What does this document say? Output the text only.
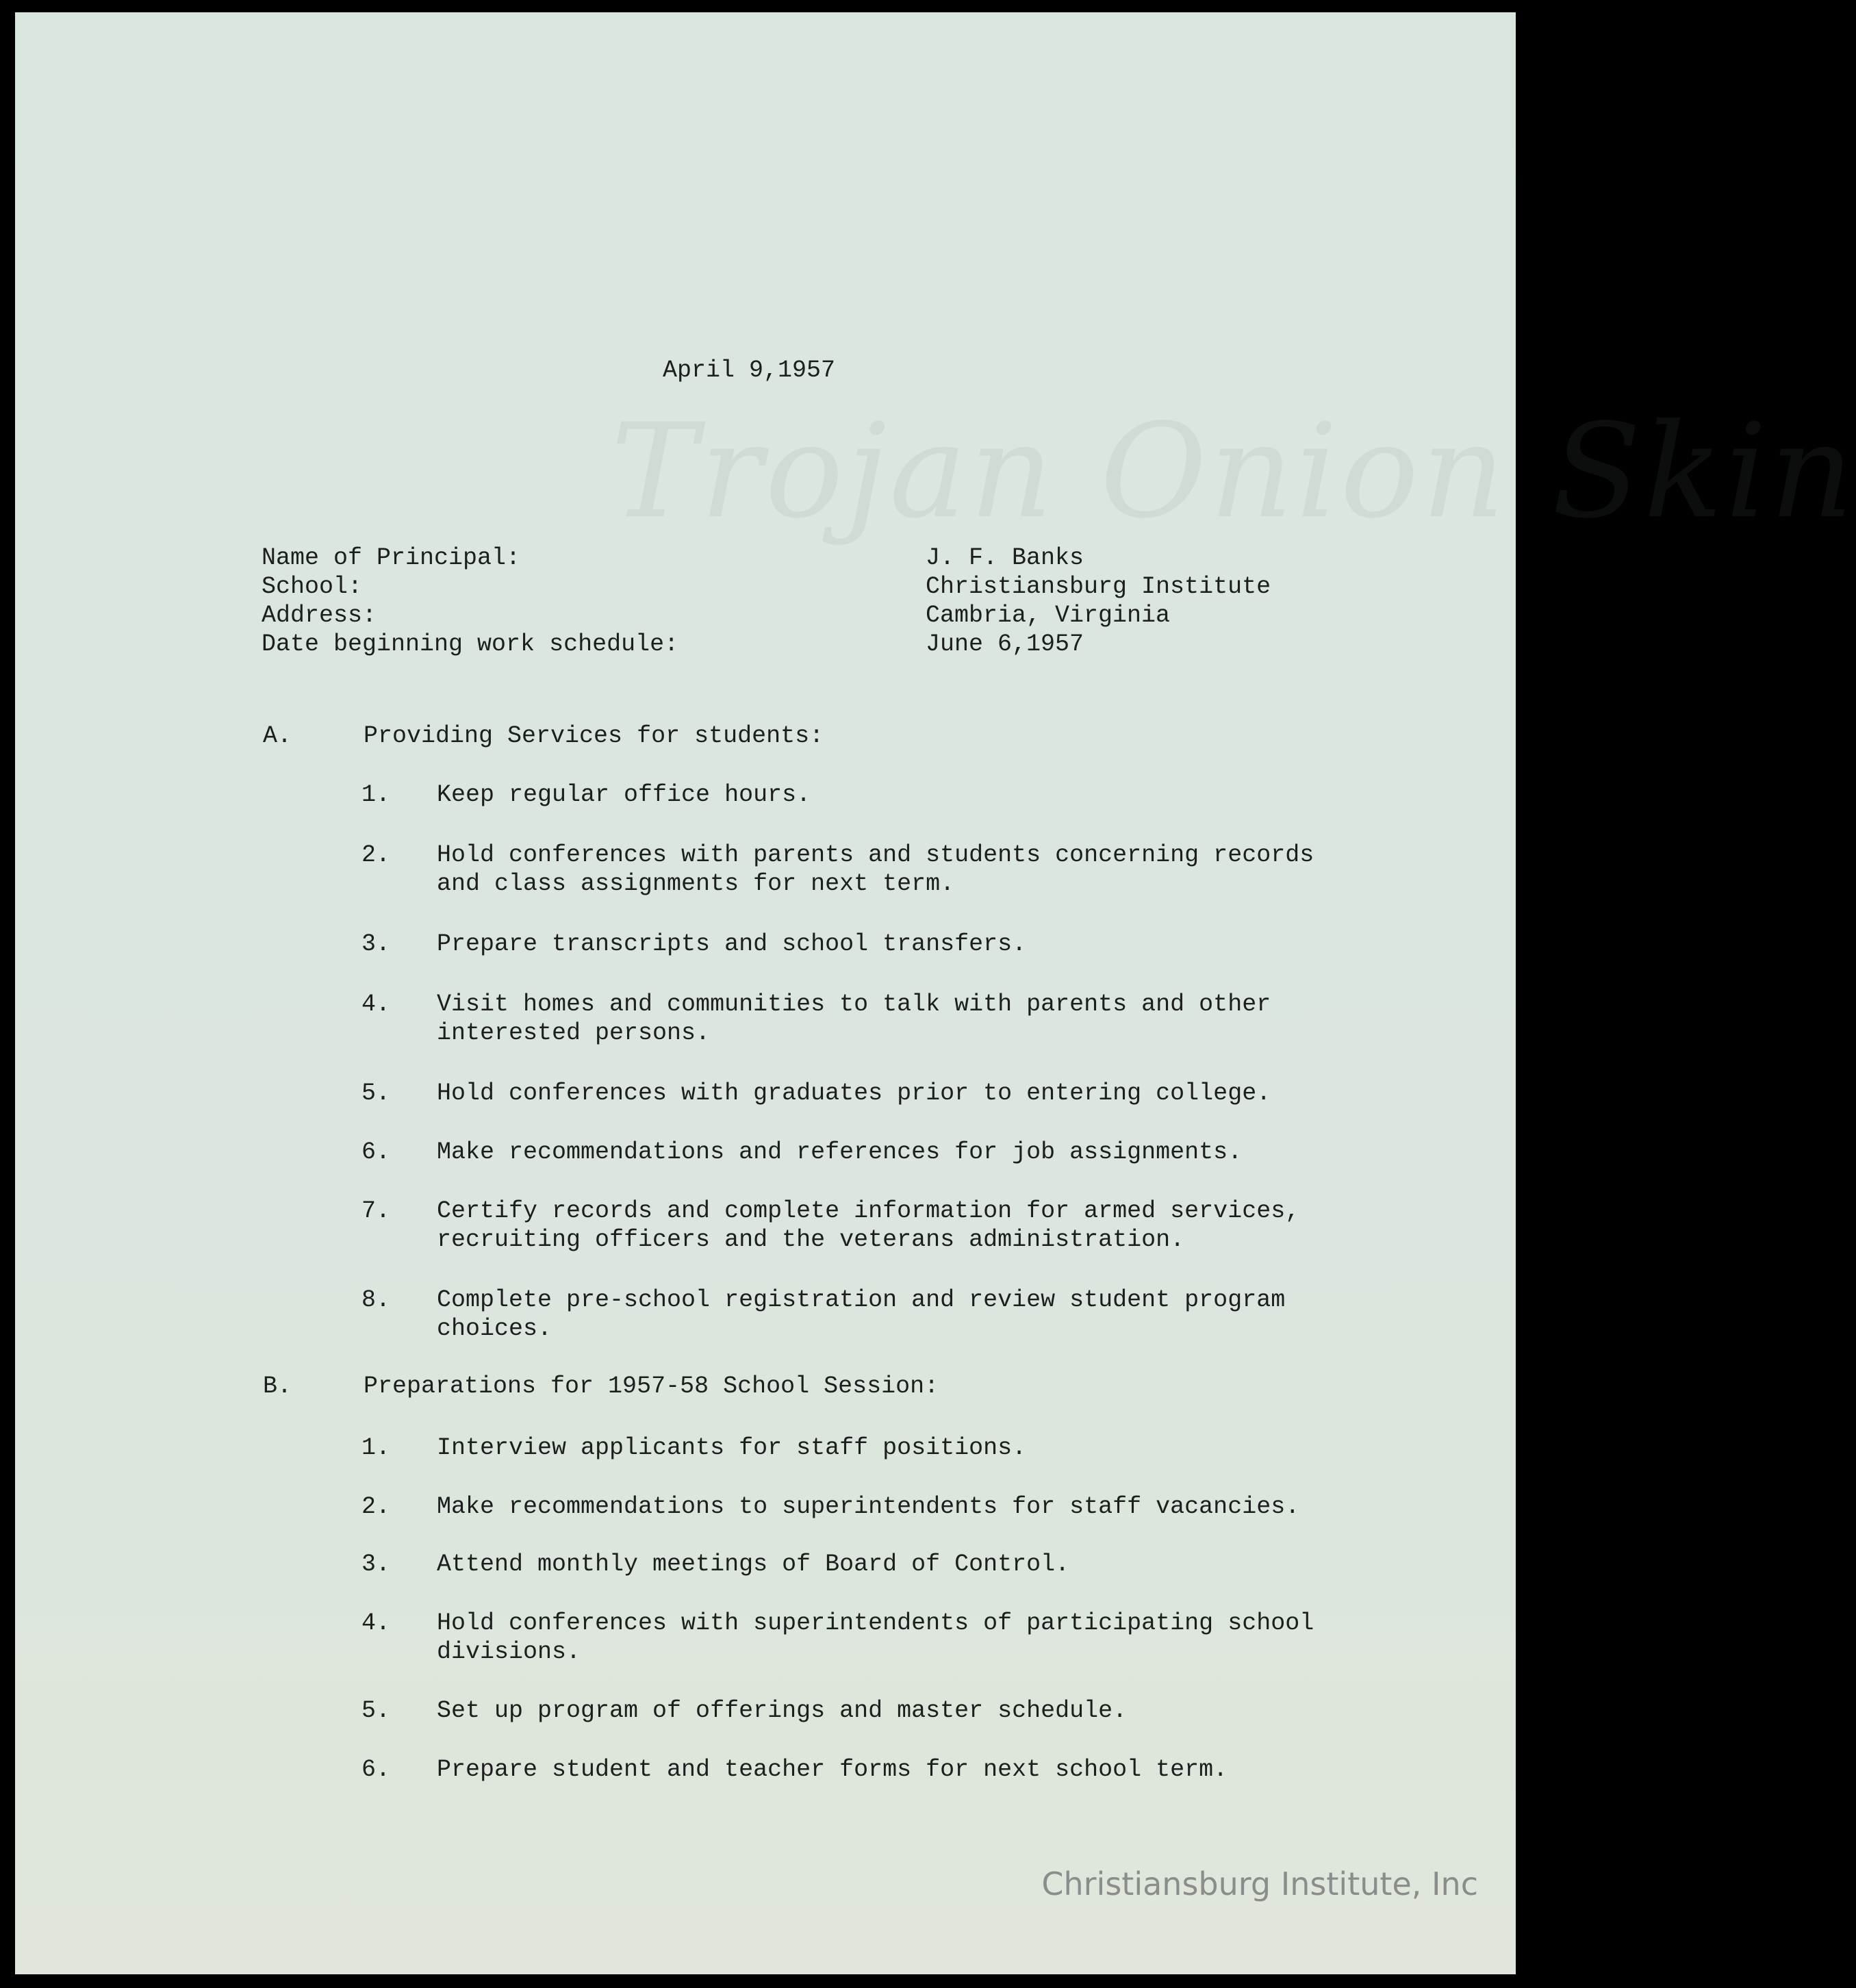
Trojan Onion Skin
April 9,1957
Name of Principal:	J. F. Banks
School:	Christiansburg Institute
Address:	Cambria, Virginia
Date beginning work schedule:	June 6,1957
A.	Providing Services for students:
1. Keep regular office hours.
2. Hold conferences with parents and students concerning records
and class assignments for next term.
3. Prepare transcripts and school transfers.
4. Visit homes and communities to talk with parents and other
interested persons.
5. Hold conferences with graduates prior to entering college.
6. Make recommendations and references for job assignments.
7. Certify records and complete information for armed services,
recruiting officers and the veterans administration.
8. Complete pre-school registration and review student program
choices.
B.	Preparations for 1957-58 School Session:
1. Interview applicants for staff positions.
2. Make recommendations to superintendents for staff vacancies.
3. Attend monthly meetings of Board of Control.
4. Hold conferences with superintendents of participating school
divisions.
5. Set up program of offerings and master schedule.
6. Prepare student and teacher forms for next school term.
Christiansburg Institute, Inc
